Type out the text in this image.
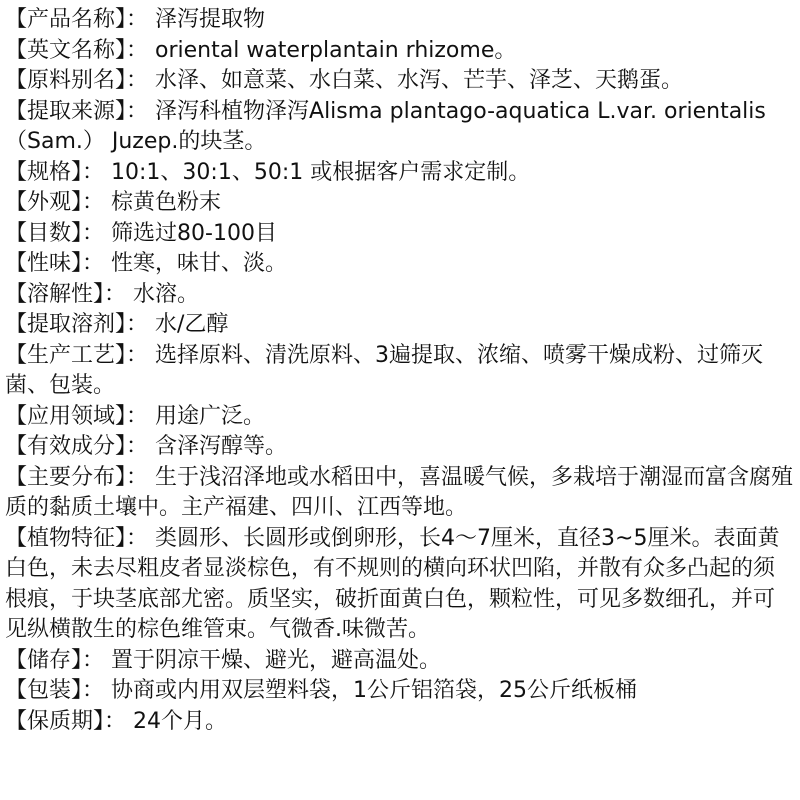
【产品名称】： 泽泻提取物
【英文名称】： oriental waterplantain rhizome。
【原料别名】： 水泽、如意菜、水白菜、水泻、芒芋、泽芝、天鹅蛋。
【提取来源】： 泽泻科植物泽泻Alisma plantago-aquatica L.var. orientalis（Sam.） Juzep.的块茎。
【规格】： 10:1、30:1、50:1 或根据客户需求定制。
【外观】： 棕黄色粉末
【目数】： 筛选过80-100目
【性味】： 性寒，味甘、淡。
【溶解性】： 水溶。
【提取溶剂】： 水/乙醇
【生产工艺】： 选择原料、清洗原料、3遍提取、浓缩、喷雾干燥成粉、过筛灭菌、包装。
【应用领域】： 用途广泛。
【有效成分】： 含泽泻醇等。
【主要分布】： 生于浅沼泽地或水稻田中，喜温暖气候，多栽培于潮湿而富含腐殖质的黏质土壤中。主产福建、四川、江西等地。
【植物特征】： 类圆形、长圆形或倒卵形，长4～7厘米，直径3~5厘米。表面黄白色，未去尽粗皮者显淡棕色，有不规则的横向环状凹陷，并散有众多凸起的须根痕，于块茎底部尤密。质坚实，破折面黄白色，颗粒性，可见多数细孔，并可见纵横散生的棕色维管束。气微香.味微苦。
【储存】： 置于阴凉干燥、避光，避高温处。
【包装】： 协商或内用双层塑料袋，1公斤铝箔袋，25公斤纸板桶
【保质期】： 24个月。
